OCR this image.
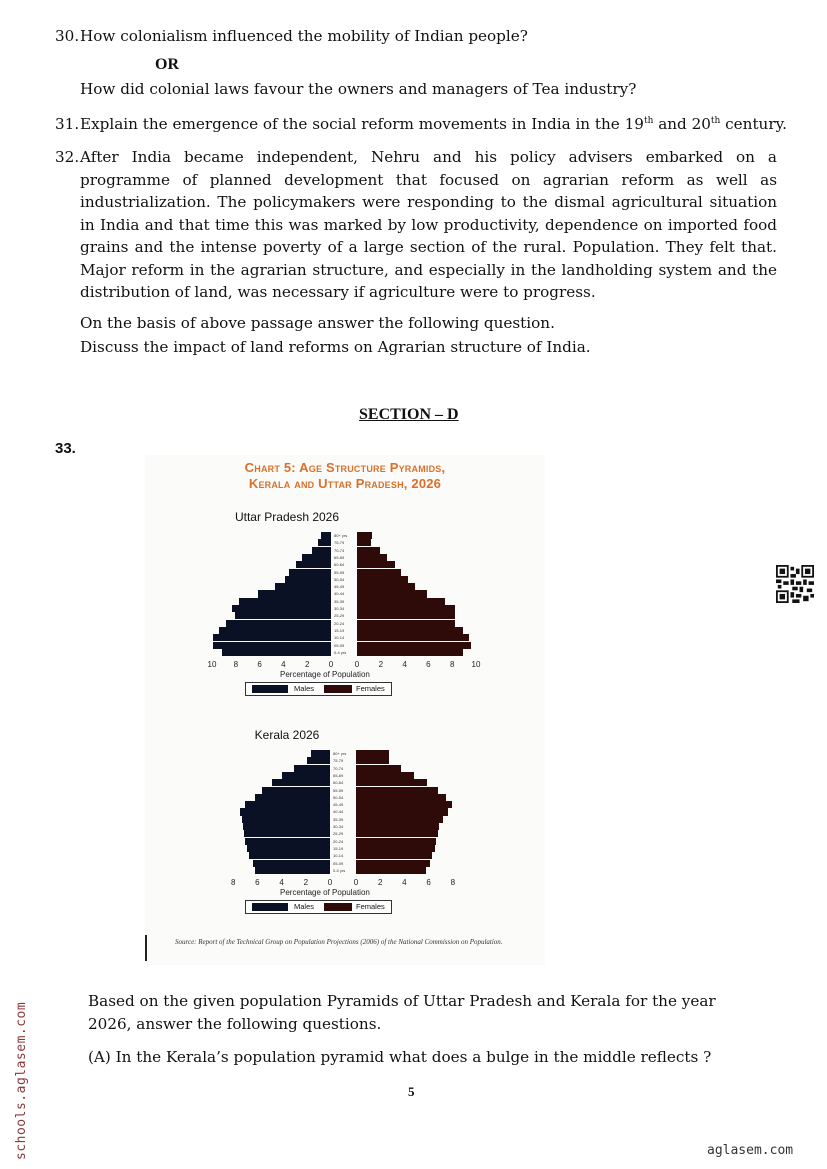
30. How colonialism influenced the mobility of Indian people?
OR
How did colonial laws favour the owners and managers of Tea industry?
31. Explain the emergence of the social reform movements in India in the 19th and 20th century.
32. After India became independent, Nehru and his policy advisers embarked on a programme of planned development that focused on agrarian reform as well as industrialization. The policymakers were responding to the dismal agricultural situation in India and that time this was marked by low productivity, dependence on imported food grains and the intense poverty of a large section of the rural. Population. They felt that. Major reform in the agrarian structure, and especially in the landholding system and the distribution of land, was necessary if agriculture were to progress.
On the basis of above passage answer the following question.
Discuss the impact of land reforms on Agrarian structure of India.
SECTION – D
33.
Chart 5: Age Structure Pyramids,
Kerala and Uttar Pradesh, 2026
Uttar Pradesh 2026
80+ yrs
75-79
70-74
65-69
60-64
55-59
50-54
45-49
40-44
35-39
30-34
25-29
20-24
15-19
10-14
05-09
0-4 yrs
10 8 6 4 2 0	0 2 4 6 8 10
Percentage of Population
Males	Females
Kerala 2026
80+ yrs
75-79
70-74
65-69
60-64
55-59
50-54
45-49
40-44
35-39
30-34
25-29
20-24
15-19
10-14
05-09
0-4 yrs
8 6 4 2 0	0 2 4 6 8
Percentage of Population
Males	Females
Source: Report of the Technical Group on Population Projections (2006) of the National Commission on Population.
Based on the given population Pyramids of Uttar Pradesh and Kerala for the year 2026, answer the following questions.
(A) In the Kerala’s population pyramid what does a bulge in the middle reflects ?
5
schools.aglasem.com	aglasem.com
